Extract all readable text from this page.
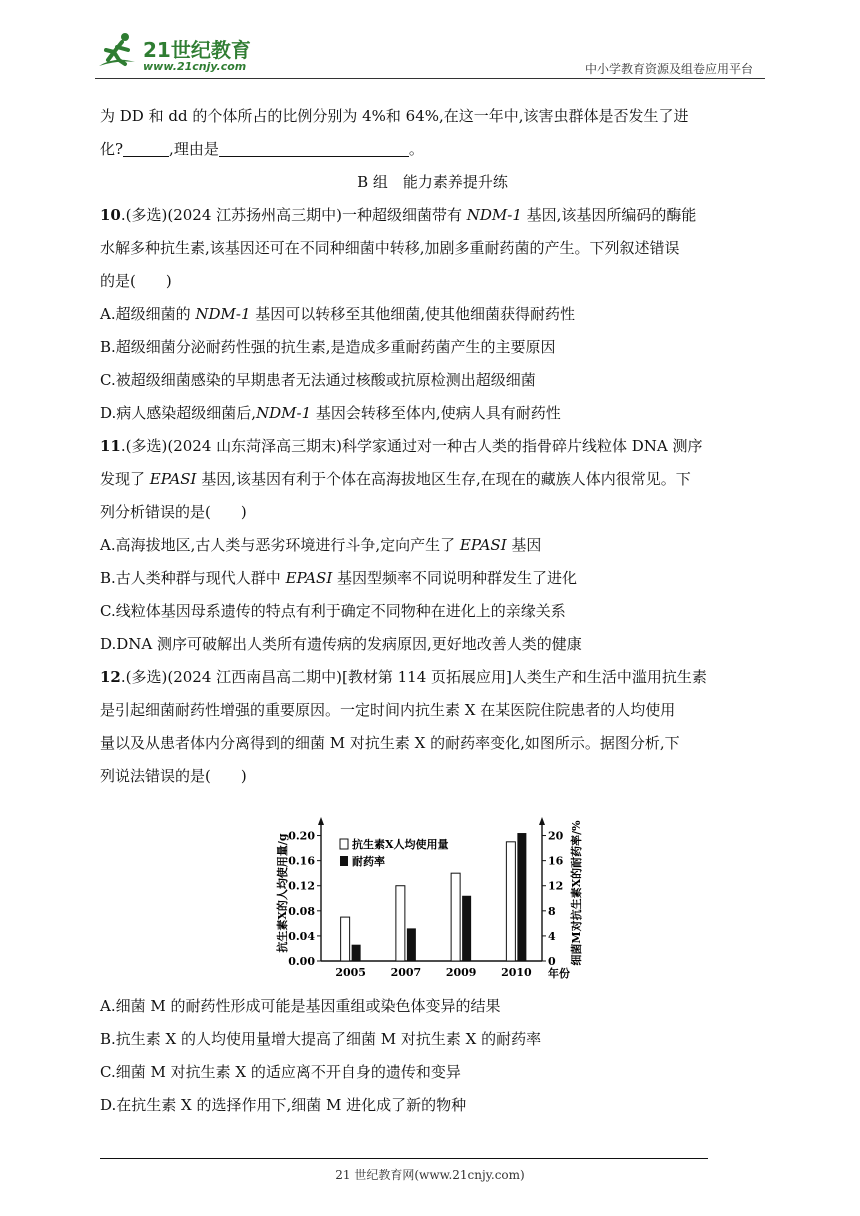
21世纪教育
www.21cnjy.com	中小学教育资源及组卷应用平台

为 DD 和 dd 的个体所占的比例分别为 4%和 64%,在这一年中,该害虫群体是否发生了进

化?	,理由是	。

B 组　能力素养提升练

10.(多选)(2024 江苏扬州高三期中)一种超级细菌带有 NDM-1 基因,该基因所编码的酶能

水解多种抗生素,该基因还可在不同种细菌中转移,加剧多重耐药菌的产生。下列叙述错误

的是(　　)

A.超级细菌的 NDM-1 基因可以转移至其他细菌,使其他细菌获得耐药性

B.超级细菌分泌耐药性强的抗生素,是造成多重耐药菌产生的主要原因

C.被超级细菌感染的早期患者无法通过核酸或抗原检测出超级细菌

D.病人感染超级细菌后,NDM-1 基因会转移至体内,使病人具有耐药性

11.(多选)(2024 山东菏泽高三期末)科学家通过对一种古人类的指骨碎片线粒体 DNA 测序

发现了 EPASI 基因,该基因有利于个体在高海拔地区生存,在现在的藏族人体内很常见。下

列分析错误的是(　　)

A.高海拔地区,古人类与恶劣环境进行斗争,定向产生了 EPASI 基因

B.古人类种群与现代人群中 EPASI 基因型频率不同说明种群发生了进化

C.线粒体基因母系遗传的特点有利于确定不同物种在进化上的亲缘关系

D.DNA 测序可破解出人类所有遗传病的发病原因,更好地改善人类的健康

12.(多选)(2024 江西南昌高二期中)[教材第 114 页拓展应用]人类生产和生活中滥用抗生素

是引起细菌耐药性增强的重要原因。一定时间内抗生素 X 在某医院住院患者的人均使用

量以及从患者体内分离得到的细菌 M 对抗生素 X 的耐药率变化,如图所示。据图分析,下

列说法错误的是(　　)

0.00
0.04
0.08
0.12
0.16
0.20
0
4
8
12
16
20
2005 2007 2009 2010
抗生素X人均使用量
耐药率
抗生素X的人均使用量/g	细菌M对抗生素X的耐药率/%
年份

A.细菌 M 的耐药性形成可能是基因重组或染色体变异的结果

B.抗生素 X 的人均使用量增大提高了细菌 M 对抗生素 X 的耐药率

C.细菌 M 对抗生素 X 的适应离不开自身的遗传和变异

D.在抗生素 X 的选择作用下,细菌 M 进化成了新的物种

21 世纪教育网(www.21cnjy.com)
